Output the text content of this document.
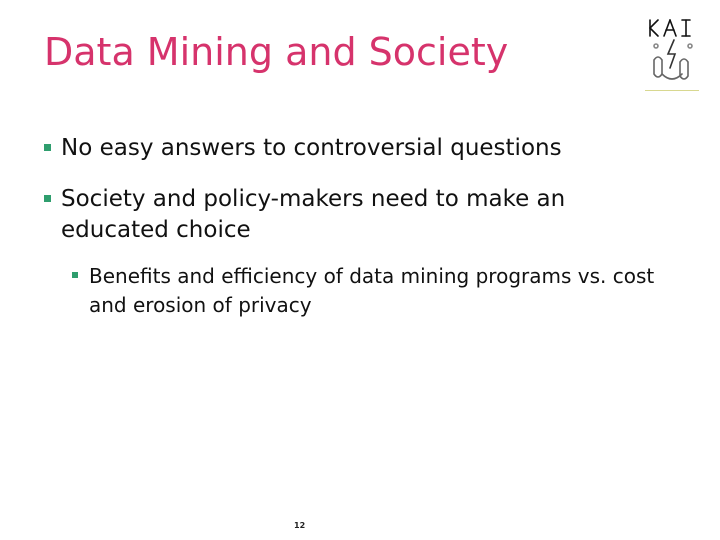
Data Mining and Society
No easy answers to controversial questions
Society and policy-makers need to make an educated choice
Benefits and efficiency of data mining programs vs. cost and erosion of privacy
12
